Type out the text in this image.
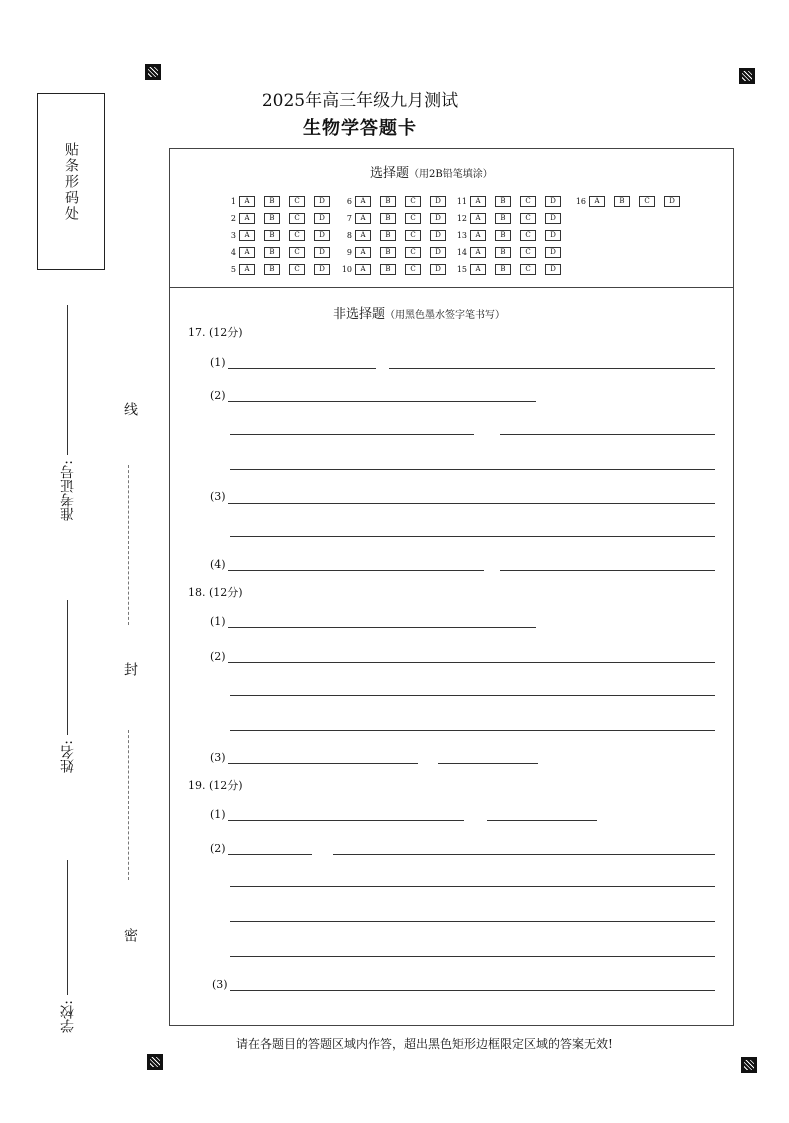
2025年高三年级九月测试
生物学答题卡
贴条形码处
准考证号:
姓名:
学校:
线
封
密
选择题（用2B铅笔填涂）
1	A	B	C	D
2	A	B	C	D
3	A	B	C	D
4	A	B	C	D
5	A	B	C	D
6	A	B	C	D
7	A	B	C	D
8	A	B	C	D
9	A	B	C	D
10	A	B	C	D
11	A	B	C	D
12	A	B	C	D
13	A	B	C	D
14	A	B	C	D
15	A	B	C	D
16	A	B	C	D
非选择题（用黑色墨水签字笔书写）
17. (12分)
(1)
(2)
(3)
(4)
18. (12分)
(1)
(2)
(3)
19. (12分)
(1)
(2)
(3)
请在各题目的答题区域内作答，超出黑色矩形边框限定区域的答案无效!
